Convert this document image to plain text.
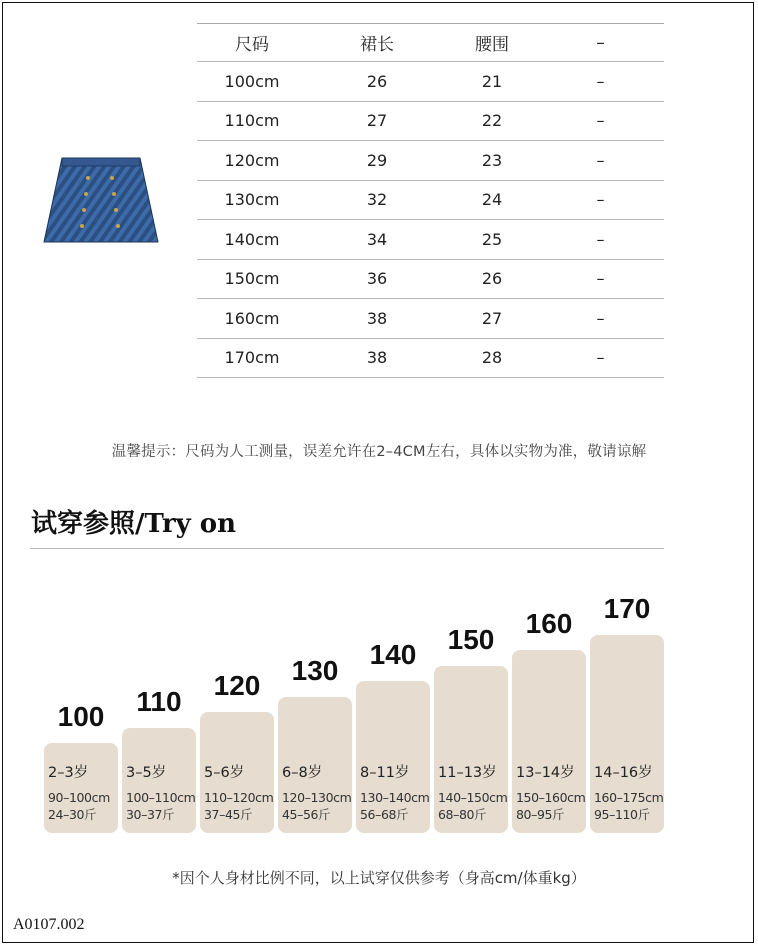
尺码	裙长	腰围	–
100cm	26	21	–
110cm	27	22	–
120cm	29	23	–
130cm	32	24	–
140cm	34	25	–
150cm	36	26	–
160cm	38	27	–
170cm	38	28	–
温馨提示：尺码为人工测量，误差允许在2–4CM左右，具体以实物为准，敬请谅解
试穿参照/Try on
2–3岁
90–100cm
24–30斤
100
3–5岁
100–110cm
30–37斤
110
5–6岁
110–120cm
37–45斤
120
6–8岁
120–130cm
45–56斤
130
8–11岁
130–140cm
56–68斤
140
11–13岁
140–150cm
68–80斤
150
13–14岁
150–160cm
80–95斤
160
14–16岁
160–175cm
95–110斤
170
*因个人身材比例不同，以上试穿仅供参考（身高cm/体重kg）
A0107.002
